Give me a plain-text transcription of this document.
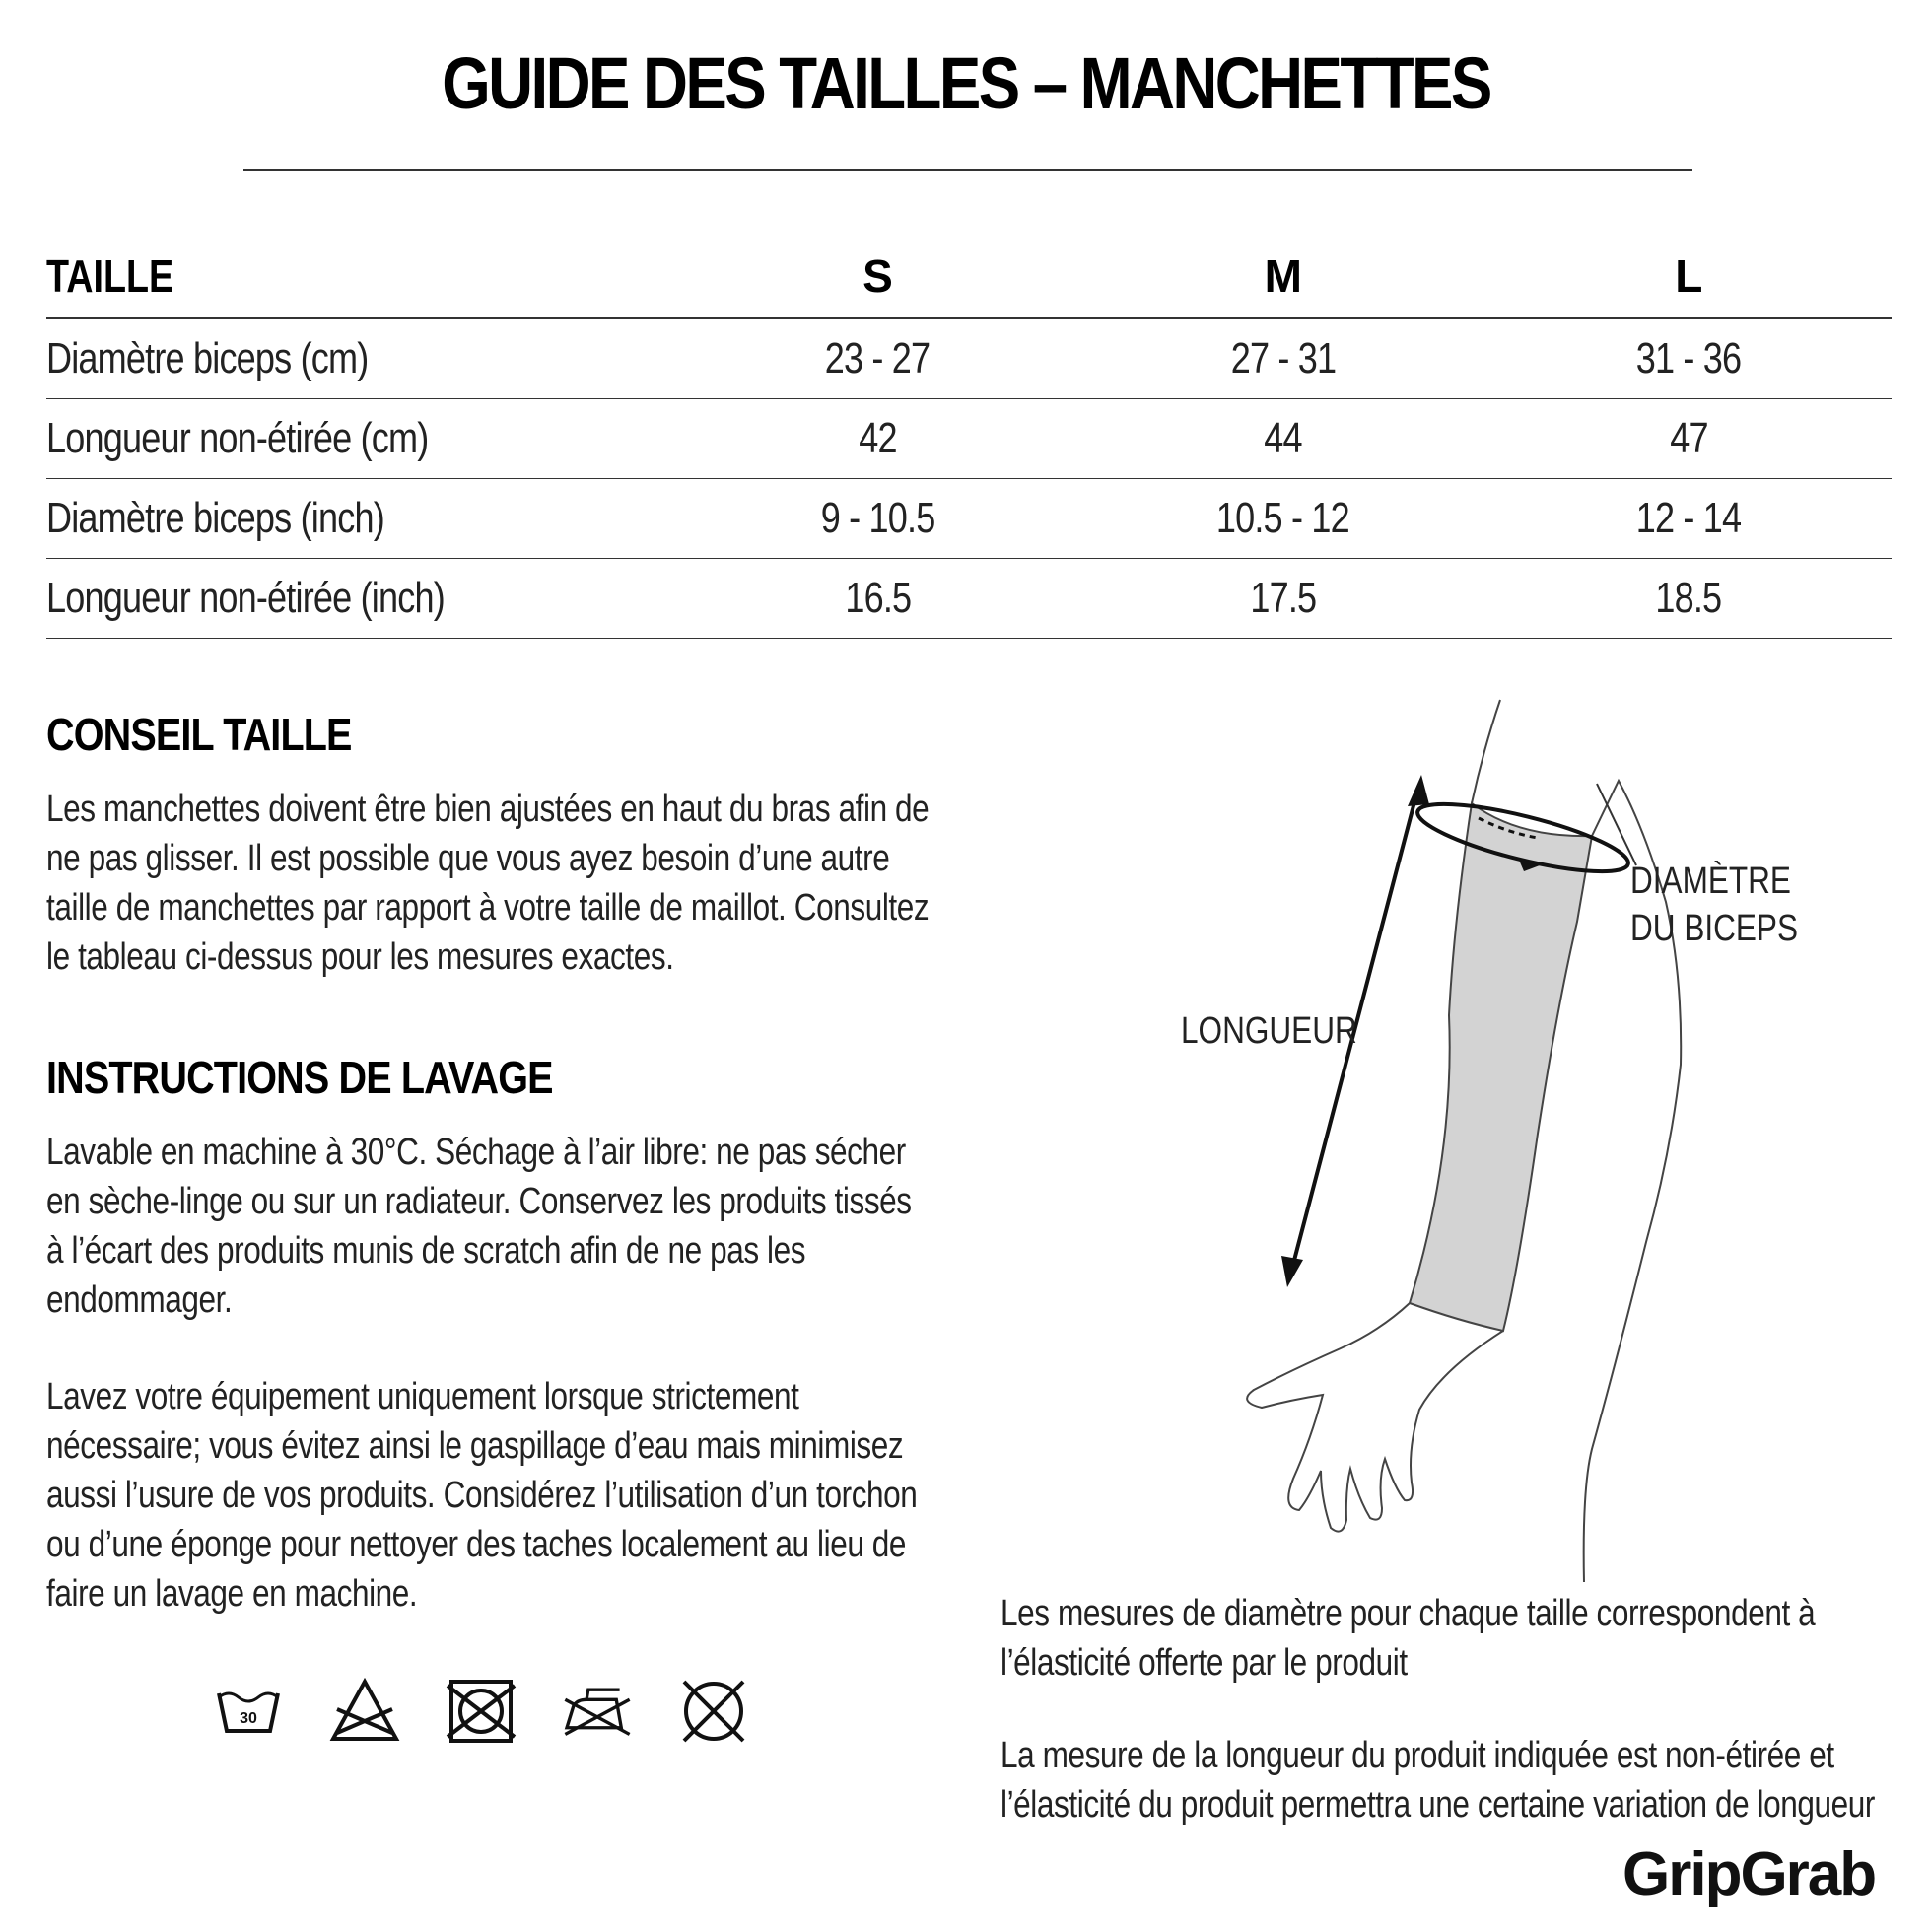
GUIDE DES TAILLES – MANCHETTES
TAILLE	S	M	L
Diamètre biceps (cm)	23 - 27	27 - 31	31 - 36
Longueur non-étirée (cm)	42	44	47
Diamètre biceps (inch)	9 - 10.5	10.5 - 12	12 - 14
Longueur non-étirée (inch)	16.5	17.5	18.5
CONSEIL TAILLE
Les manchettes doivent être bien ajustées en haut du bras afin de ne pas glisser. Il est possible que vous ayez besoin d’une autre taille de manchettes par rapport à votre taille de maillot. Consultez le tableau ci-dessus pour les mesures exactes.
INSTRUCTIONS DE LAVAGE
Lavable en machine à 30°C. Séchage à l’air libre: ne pas sécher en sèche-linge ou sur un radiateur. Conservez les produits tissés à l’écart des produits munis de scratch afin de ne pas les endommager.
Lavez votre équipement uniquement lorsque strictement nécessaire; vous évitez ainsi le gaspillage d’eau mais minimisez aussi l’usure de vos produits. Considérez l’utilisation d’un torchon ou d’une éponge pour nettoyer des taches localement au lieu de faire un lavage en machine.
30
LONGUEUR
DIAMÈTRE
DU BICEPS
Les mesures de diamètre pour chaque taille correspondent à l’élasticité offerte par le produit
La mesure de la longueur du produit indiquée est non-étirée et l’élasticité du produit permettra une certaine variation de longueur
GripGrab
